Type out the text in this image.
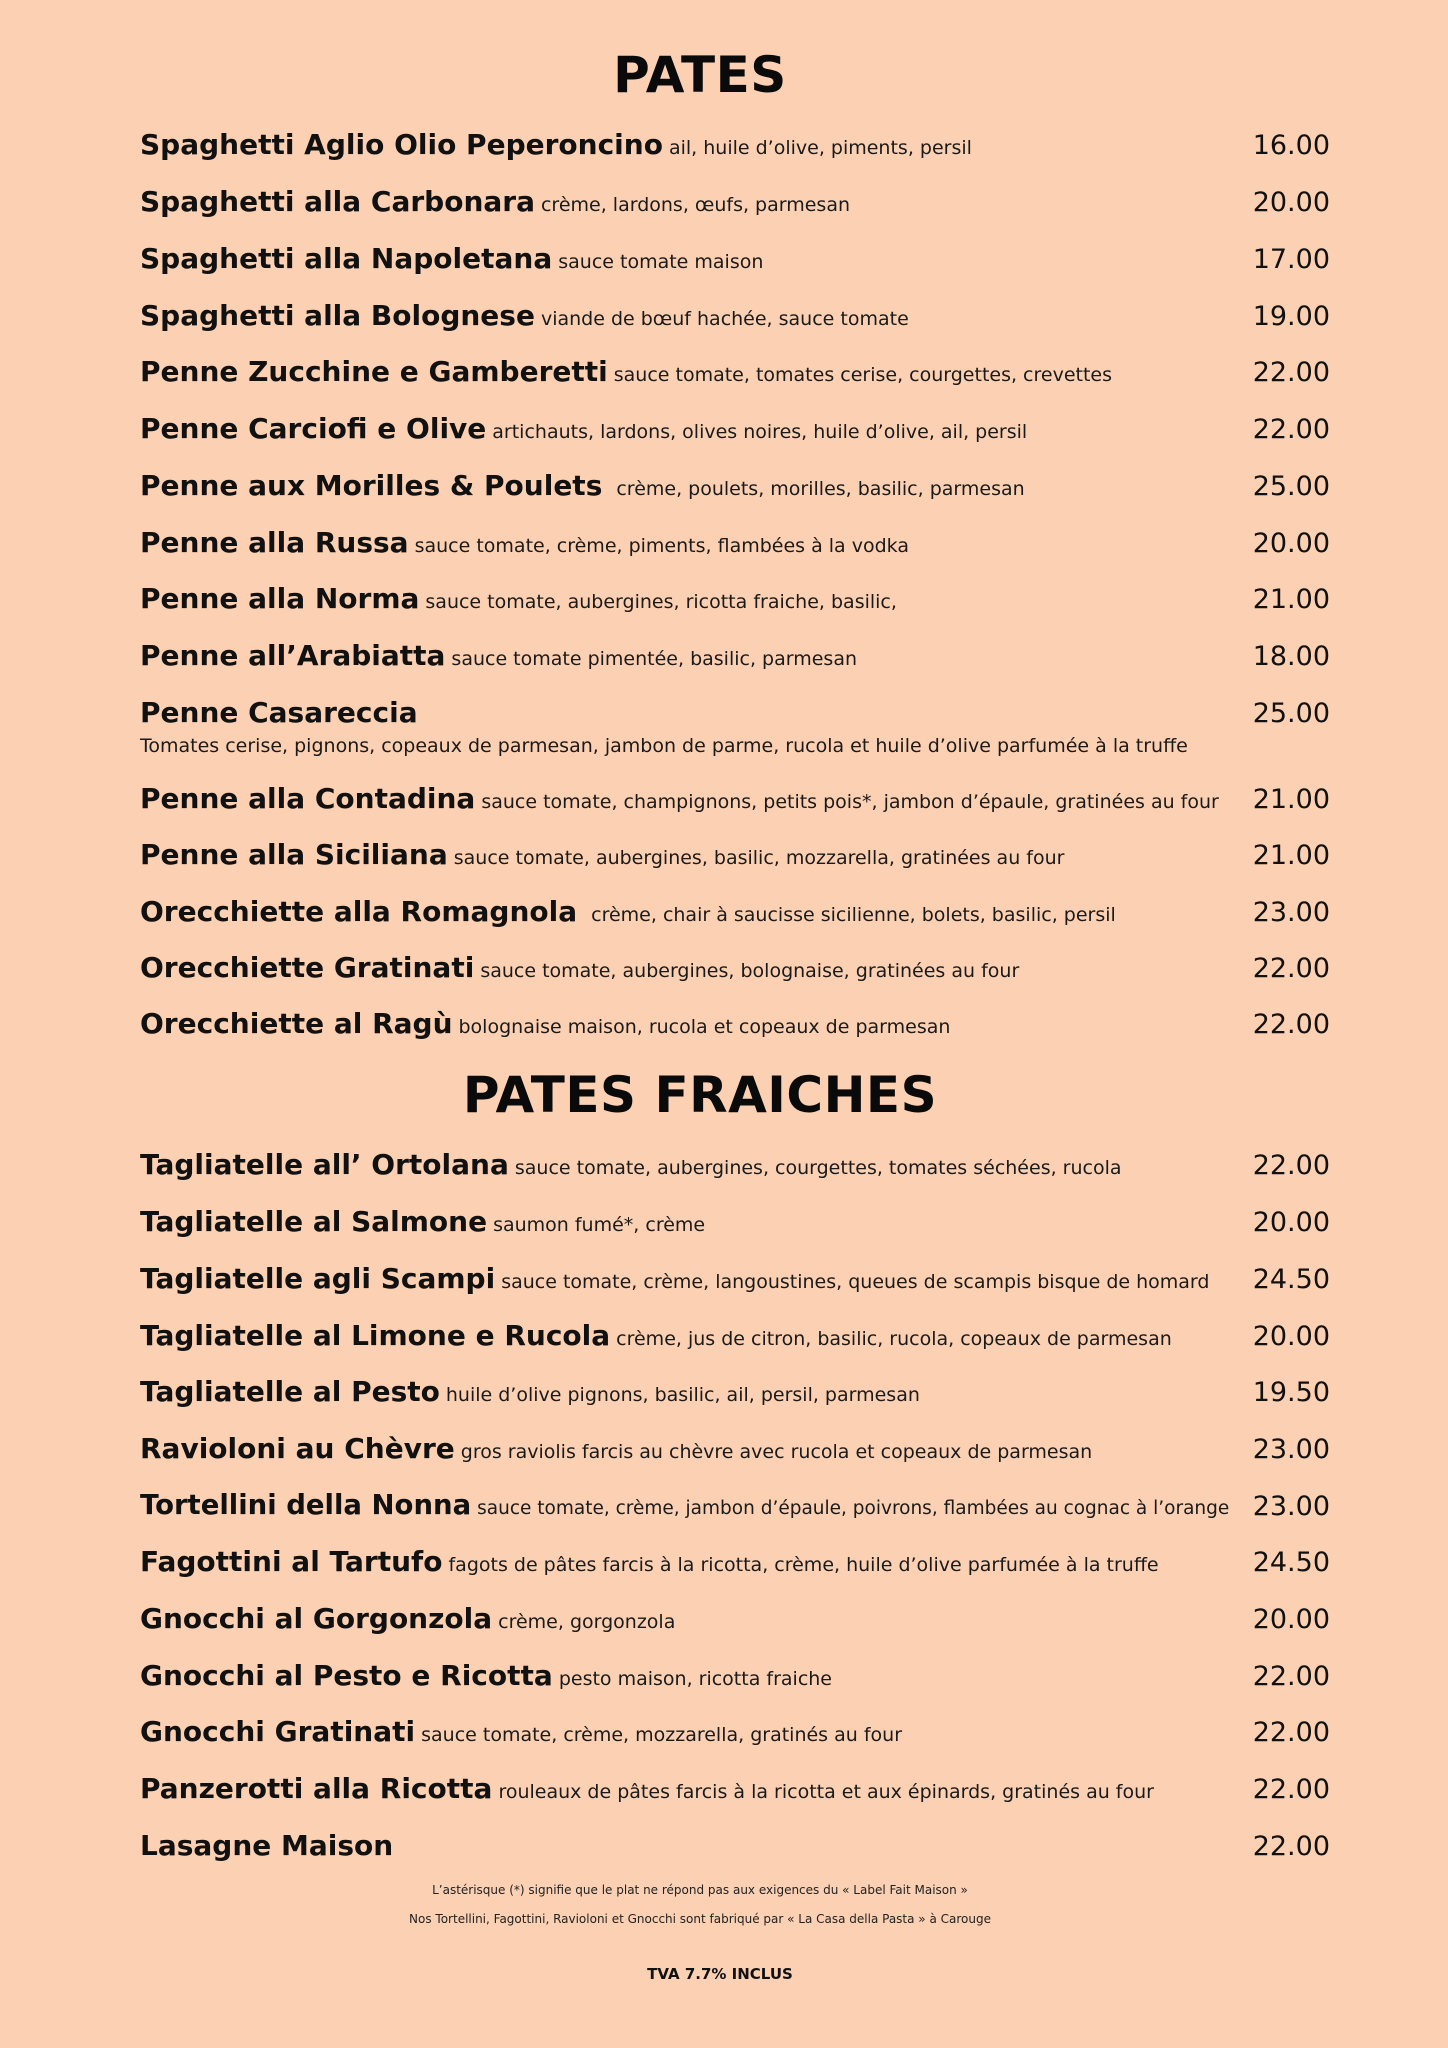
PATES
Spaghetti Aglio Olio Peperoncino ail, huile d’olive, piments, persil	16.00
Spaghetti alla Carbonara crème, lardons, œufs, parmesan	20.00
Spaghetti alla Napoletana sauce tomate maison	17.00
Spaghetti alla Bolognese viande de bœuf hachée, sauce tomate	19.00
Penne Zucchine e Gamberetti sauce tomate, tomates cerise, courgettes, crevettes	22.00
Penne Carciofi e Olive artichauts, lardons, olives noires, huile d’olive, ail, persil	22.00
Penne aux Morilles & Poulets crème, poulets, morilles, basilic, parmesan	25.00
Penne alla Russa sauce tomate, crème, piments, flambées à la vodka	20.00
Penne alla Norma sauce tomate, aubergines, ricotta fraiche, basilic,	21.00
Penne all’Arabiatta sauce tomate pimentée, basilic, parmesan	18.00
Penne Casareccia	25.00
Tomates cerise, pignons, copeaux de parmesan, jambon de parme, rucola et huile d’olive parfumée à la truffe
Penne alla Contadina sauce tomate, champignons, petits pois*, jambon d’épaule, gratinées au four 21.00
Penne alla Siciliana sauce tomate, aubergines, basilic, mozzarella, gratinées au four	21.00
Orecchiette alla Romagnola crème, chair à saucisse sicilienne, bolets, basilic, persil	23.00
Orecchiette Gratinati sauce tomate, aubergines, bolognaise, gratinées au four	22.00
Orecchiette al Ragù bolognaise maison, rucola et copeaux de parmesan	22.00
PATES FRAICHES
Tagliatelle all’ Ortolana sauce tomate, aubergines, courgettes, tomates séchées, rucola	22.00
Tagliatelle al Salmone saumon fumé*, crème	20.00
Tagliatelle agli Scampi sauce tomate, crème, langoustines, queues de scampis bisque de homard 24.50
Tagliatelle al Limone e Rucola crème, jus de citron, basilic, rucola, copeaux de parmesan	20.00
Tagliatelle al Pesto huile d’olive pignons, basilic, ail, persil, parmesan	19.50
Ravioloni au Chèvre gros raviolis farcis au chèvre avec rucola et copeaux de parmesan	23.00
Tortellini della Nonna sauce tomate, crème, jambon d’épaule, poivrons, flambées au cognac à l’orange 23.00
Fagottini al Tartufo fagots de pâtes farcis à la ricotta, crème, huile d’olive parfumée à la truffe	24.50
Gnocchi al Gorgonzola crème, gorgonzola	20.00
Gnocchi al Pesto e Ricotta pesto maison, ricotta fraiche	22.00
Gnocchi Gratinati sauce tomate, crème, mozzarella, gratinés au four	22.00
Panzerotti alla Ricotta rouleaux de pâtes farcis à la ricotta et aux épinards, gratinés au four	22.00
Lasagne Maison	22.00
L’astérisque (*) signifie que le plat ne répond pas aux exigences du « Label Fait Maison »
Nos Tortellini, Fagottini, Ravioloni et Gnocchi sont fabriqué par « La Casa della Pasta » à Carouge
TVA 7.7% INCLUS
